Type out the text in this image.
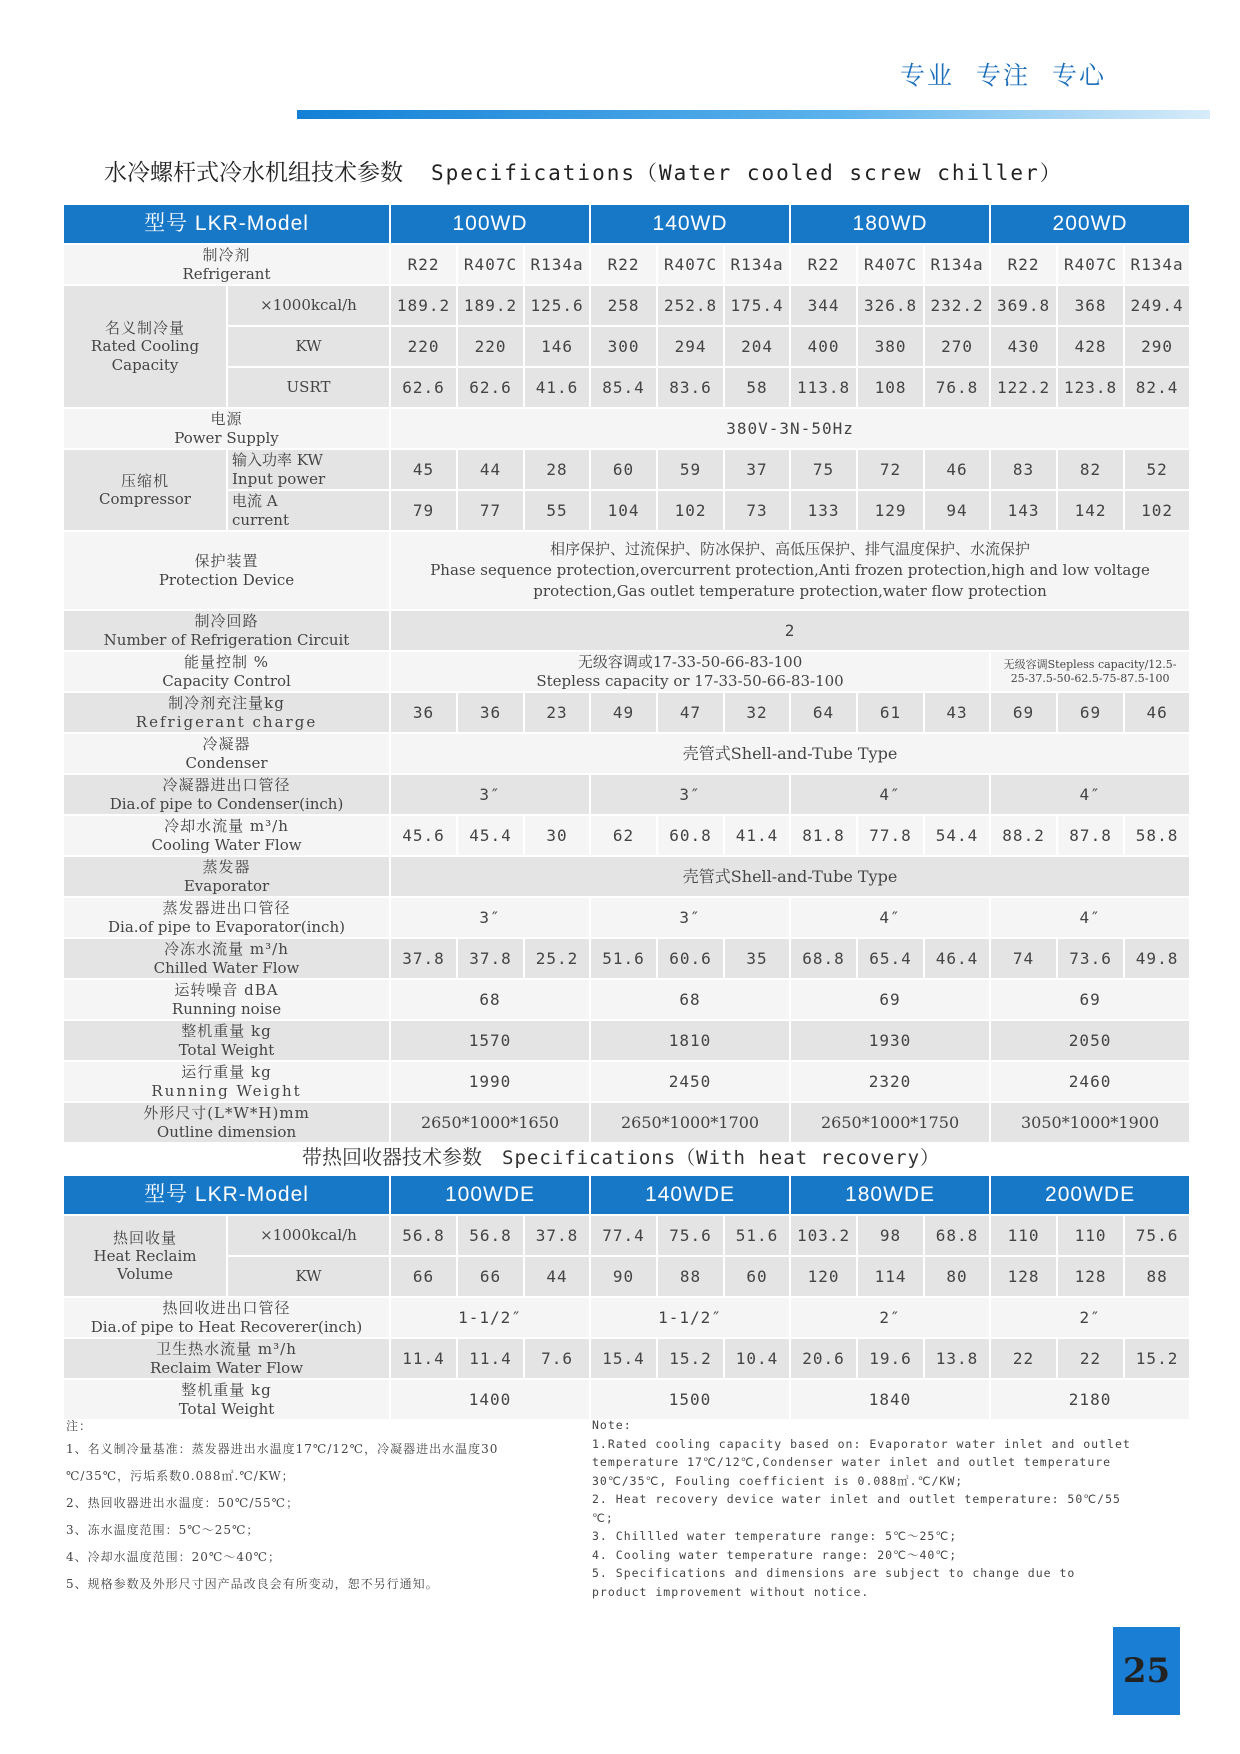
专业 专注 专心
水冷螺杆式冷水机组技术参数 Specifications（Water cooled screw chiller）
型号 LKR-Model		100WD			140WD			180WD			200WD		

制冷剂
Refrigerant		R22	R407C	R134a	R22	R407C	R134a	R22	R407C	R134a	R22	R407C	R134a

名义制冷量
Rated Cooling
Capacity	×1000kcal/h	189.2	189.2	125.6	258	252.8	175.4	344	326.8	232.2	369.8	368	249.4
	KW	220	220	146	300	294	204	400	380	270	430	428	290
	USRT	62.6	62.6	41.6	85.4	83.6	58	113.8	108	76.8	122.2	123.8	82.4

电源
Power Supply		380V-3N-50Hz											

压缩机
Compressor	输入功率 KW
Input power	45	44	28	60	59	37	75	72	46	83	82	52

	电流 A
current	79	77	55	104	102	73	133	129	94	143	142	102

保护装置
Protection Device		相序保护、过流保护、防冰保护、高低压保护、排气温度保护、水流保护
Phase sequence protection,overcurrent protection,Anti frozen protection,high and low voltage
protection,Gas outlet temperature protection,water flow protection											

制冷回路
Number of Refrigeration Circuit		2											

能量控制 %
Capacity Control		无级容调或17-33-50-66-83-100
Stepless capacity or 17-33-50-66-83-100									无级容调Stepless capacity/12.5-
25-37.5-50-62.5-75-87.5-100		

制冷剂充注量kg
Refrigerant charge		36	36	23	49	47	32	64	61	43	69	69	46

冷凝器
Condenser		壳管式Shell-and-Tube Type											

冷凝器进出口管径
Dia.of pipe to Condenser(inch)		3″			3″			4″			4″		

冷却水流量 m³/h
Cooling Water Flow		45.6	45.4	30	62	60.8	41.4	81.8	77.8	54.4	88.2	87.8	58.8

蒸发器
Evaporator		壳管式Shell-and-Tube Type											

蒸发器进出口管径
Dia.of pipe to Evaporator(inch)		3″			3″			4″			4″		

冷冻水流量 m³/h
Chilled Water Flow		37.8	37.8	25.2	51.6	60.6	35	68.8	65.4	46.4	74	73.6	49.8

运转噪音 dBA
Running noise		68			68			69			69		

整机重量 kg
Total Weight		1570			1810			1930			2050		

运行重量 kg
Running Weight		1990			2450			2320			2460		

外形尺寸(L*W*H)mm
Outline dimension		2650*1000*1650			2650*1000*1700			2650*1000*1750			3050*1000*1900		
带热回收器技术参数 Specifications（With heat recovery）
型号 LKR-Model		100WDE			140WDE			180WDE			200WDE		

热回收量
Heat Reclaim
Volume	×1000kcal/h	56.8	56.8	37.8	77.4	75.6	51.6	103.2	98	68.8	110	110	75.6
	KW	66	66	44	90	88	60	120	114	80	128	128	88

热回收进出口管径
Dia.of pipe to Heat Recoverer(inch)		1-1/2″			1-1/2″			2″			2″		

卫生热水流量 m³/h
Reclaim Water Flow		11.4	11.4	7.6	15.4	15.2	10.4	20.6	19.6	13.8	22	22	15.2

整机重量 kg
Total Weight		1400			1500			1840			2180		
注：
1、名义制冷量基准：蒸发器进出水温度17℃/12℃，冷凝器进出水温度30
℃/35℃，污垢系数0.088㎡.℃/KW；
2、热回收器进出水温度：50℃/55℃；
3、冻水温度范围：5℃～25℃；
4、冷却水温度范围：20℃～40℃；
5、规格参数及外形尺寸因产品改良会有所变动，恕不另行通知。
Note:
1.Rated cooling capacity based on: Evaporator water inlet and outlet
temperature 17℃/12℃,Condenser water inlet and outlet temperature
30℃/35℃, Fouling coefficient is 0.088㎡.℃/KW;
2. Heat recovery device water inlet and outlet temperature: 50℃/55
℃;
3. Chillled water temperature range: 5℃～25℃;
4. Cooling water temperature range: 20℃～40℃;
5. Specifications and dimensions are subject to change due to
product improvement without notice.
25
